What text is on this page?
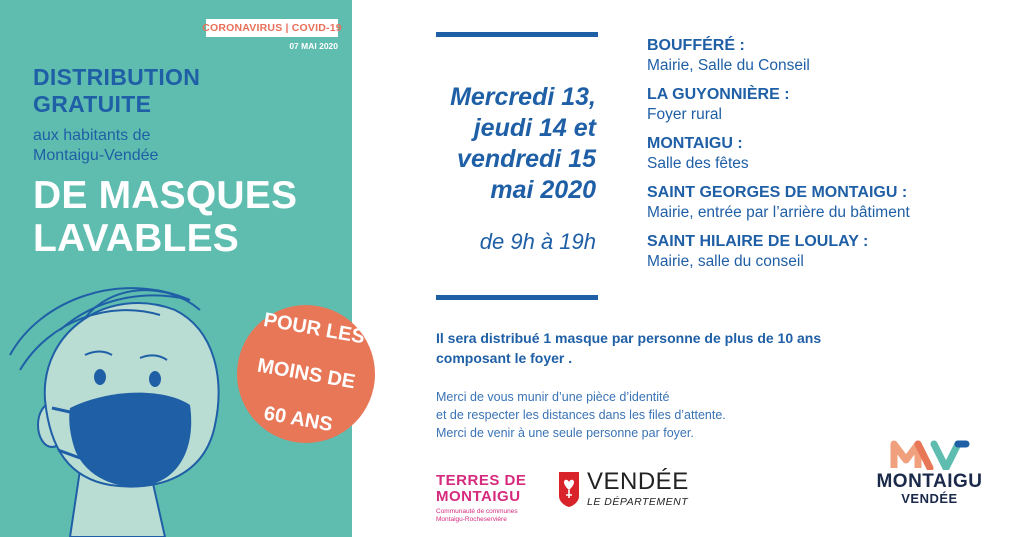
CORONAVIRUS | COVID-19
07 MAI 2020
DISTRIBUTION
GRATUITE
aux habitants de
Montaigu-Vendée
DE MASQUES
LAVABLES

POUR LES

MOINS DE

60 ANS

Mercredi 13,
jeudi 14 et
vendredi 15
mai 2020
de 9h à 19h
BOUFFÉRÉ :
Mairie, Salle du Conseil
LA GUYONNIÈRE :
Foyer rural
MONTAIGU :
Salle des fêtes
SAINT GEORGES DE MONTAIGU :
Mairie, entrée par l’arrière du bâtiment
SAINT HILAIRE DE LOULAY :
Mairie, salle du conseil
Il sera distribué 1 masque par personne de plus de 10 ans
composant le foyer .
Merci de vous munir d’une pièce d’identité
et de respecter les distances dans les files d’attente.
Merci de venir à une seule personne par foyer.
TERRES DE
MONTAIGU
Communauté de communes
Montaigu-Rocheservière
VENDÉE
LE DÉPARTEMENT
MONTAIGU
VENDÉE
